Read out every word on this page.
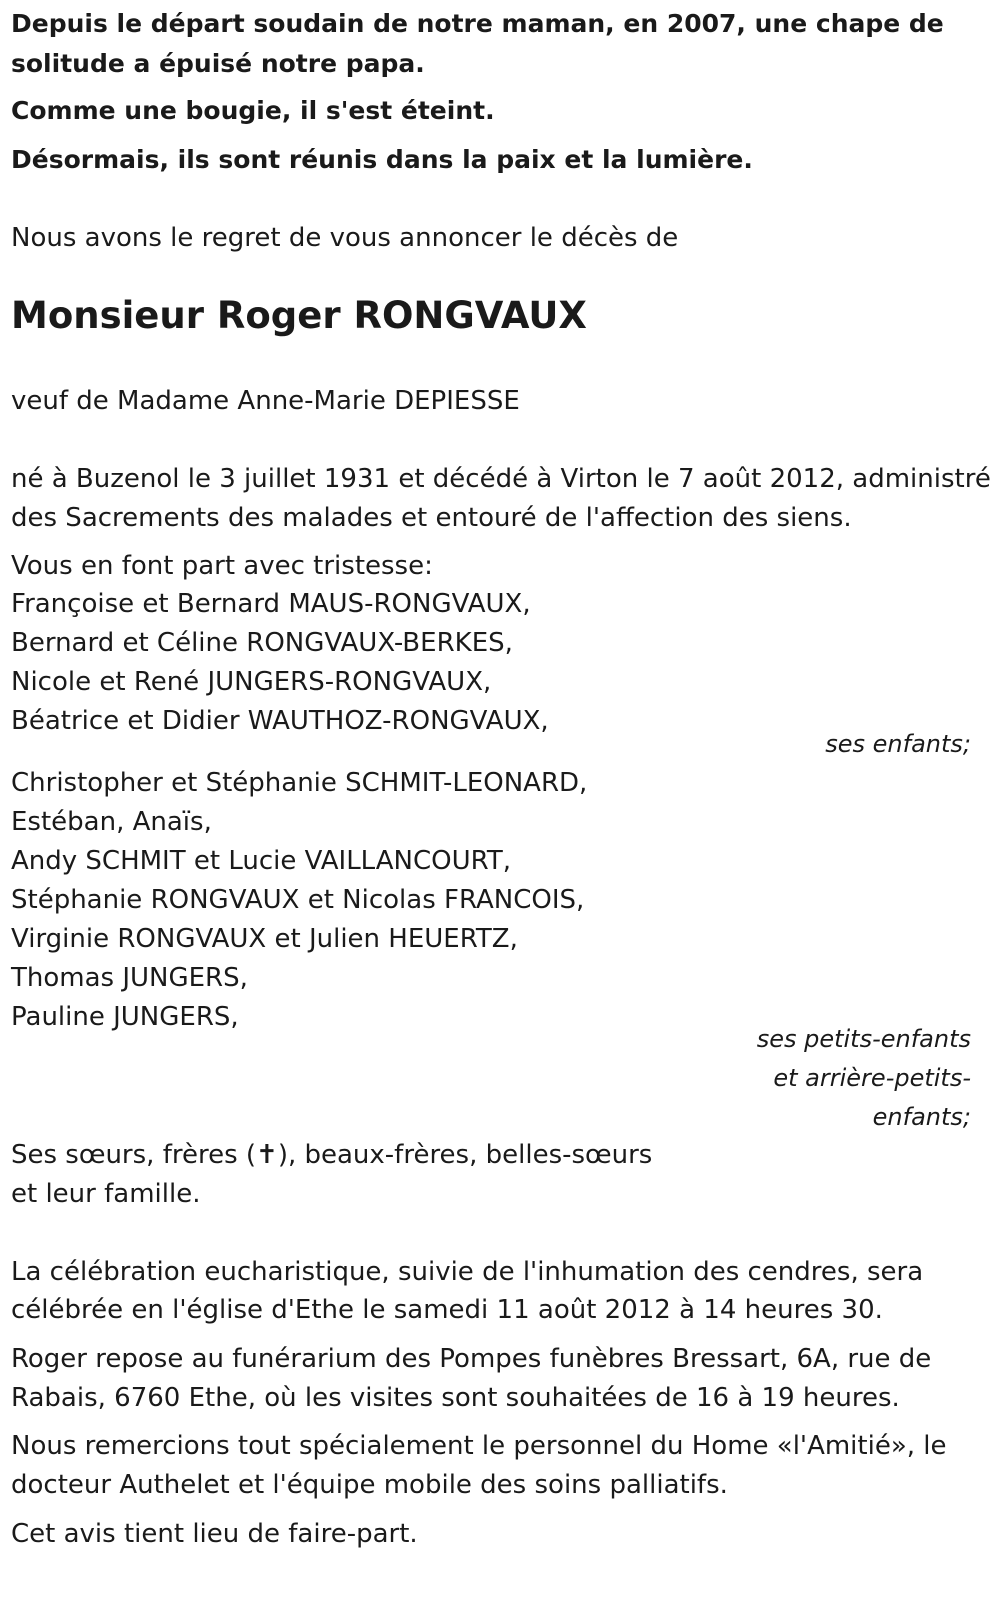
Depuis le départ soudain de notre maman, en 2007, une chape de

solitude a épuisé notre papa.

Comme une bougie, il s'est éteint.

Désormais, ils sont réunis dans la paix et la lumière.

Nous avons le regret de vous annoncer le décès de

Monsieur Roger RONGVAUX

veuf de Madame Anne-Marie DEPIESSE

né à Buzenol le 3 juillet 1931 et décédé à Virton le 7 août 2012, administré

des Sacrements des malades et entouré de l'affection des siens.

Vous en font part avec tristesse:

Françoise et Bernard MAUS-RONGVAUX,

Bernard et Céline RONGVAUX-BERKES,

Nicole et René JUNGERS-RONGVAUX,

Béatrice et Didier WAUTHOZ-RONGVAUX,

ses enfants;

Christopher et Stéphanie SCHMIT-LEONARD,

Estéban, Anaïs,

Andy SCHMIT et Lucie VAILLANCOURT,

Stéphanie RONGVAUX et Nicolas FRANCOIS,

Virginie RONGVAUX et Julien HEUERTZ,

Thomas JUNGERS,

Pauline JUNGERS,

ses petits-enfants
et arrière-petits-
enfants;

Ses sœurs, frères (✝), beaux-frères, belles-sœurs

et leur famille.

La célébration eucharistique, suivie de l'inhumation des cendres, sera

célébrée en l'église d'Ethe le samedi 11 août 2012 à 14 heures 30.

Roger repose au funérarium des Pompes funèbres Bressart, 6A, rue de

Rabais, 6760 Ethe, où les visites sont souhaitées de 16 à 19 heures.

Nous remercions tout spécialement le personnel du Home «l'Amitié», le

docteur Authelet et l'équipe mobile des soins palliatifs.

Cet avis tient lieu de faire-part.
